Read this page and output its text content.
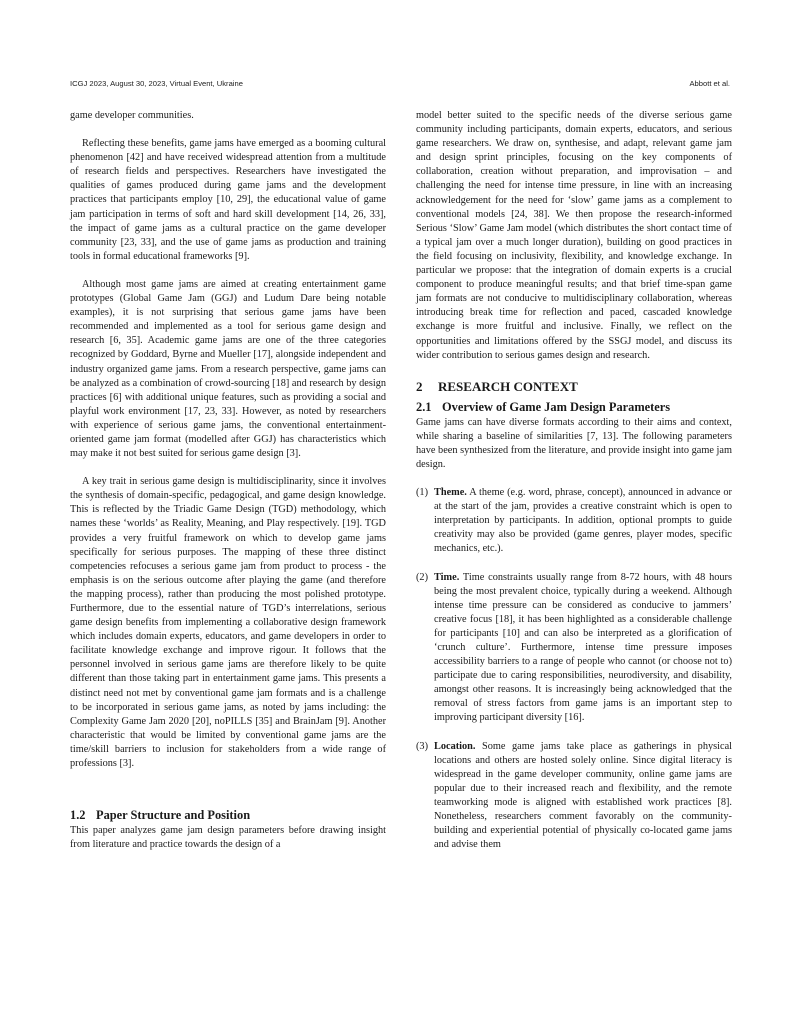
ICGJ 2023, August 30, 2023, Virtual Event, Ukraine	Abbott et al.

game developer communities.

Reflecting these benefits, game jams have emerged as a booming cultural phenomenon [42] and have received widespread attention from a multitude of research fields and perspectives. Researchers have investigated the qualities of games produced during game jams and the development practices that participants employ [10, 29], the educational value of game jam participation in terms of soft and hard skill development [14, 26, 33], the impact of game jams as a cultural practice on the game developer community [23, 33], and the use of game jams as production and training tools in formal educational frameworks [9].

Although most game jams are aimed at creating entertainment game prototypes (Global Game Jam (GGJ) and Ludum Dare being notable examples), it is not surprising that serious game jams have been recommended and implemented as a tool for serious game design and research [6, 35]. Academic game jams are one of the three categories recognized by Goddard, Byrne and Mueller [17], alongside independent and industry organized game jams. From a research perspective, game jams can be analyzed as a combination of crowd-sourcing [18] and research by design practices [6] with additional unique features, such as providing a social and playful work environment [17, 23, 33]. However, as noted by researchers with experience of serious game jams, the conventional entertainment-oriented game jam format (modelled after GGJ) has characteristics which may make it not best suited for serious game design [3].

A key trait in serious game design is multidisciplinarity, since it involves the synthesis of domain-specific, pedagogical, and game design knowledge. This is reflected by the Triadic Game Design (TGD) methodology, which names these ‘worlds’ as Reality, Meaning, and Play respectively. [19]. TGD provides a very fruitful framework on which to develop game jams specifically for serious purposes. The mapping of these three distinct competencies refocuses a serious game jam from product to process - the emphasis is on the serious outcome after playing the game (and therefore the mapping process), rather than producing the most polished prototype. Furthermore, due to the essential nature of TGD’s interrelations, serious game design benefits from implementing a collaborative design framework which includes domain experts, educators, and game developers in order to facilitate knowledge exchange and improve rigour. It follows that the personnel involved in serious game jams are therefore likely to be quite different than those taking part in entertainment game jams. This presents a distinct need not met by conventional game jam formats and is a challenge to be incorporated in serious game jams, as noted by jams including: the Complexity Game Jam 2020 [20], noPILLS [35] and BrainJam [9]. Another characteristic that would be limited by conventional game jams are the time/skill barriers to inclusion for stakeholders from a wide range of professions [3].

1.2 Paper Structure and Position

This paper analyzes game jam design parameters before drawing insight from literature and practice towards the design of a

model better suited to the specific needs of the diverse serious game community including participants, domain experts, educators, and serious game researchers. We draw on, synthesise, and adapt, relevant game jam and design sprint principles, focusing on the key components of collaboration, creation without preparation, and improvisation – and challenging the need for intense time pressure, in line with an increasing acknowledgement for the need for ‘slow’ game jams as a complement to conventional models [24, 38]. We then propose the research-informed Serious ‘Slow’ Game Jam model (which distributes the short contact time of a typical jam over a much longer duration), building on good practices in the field focusing on inclusivity, flexibility, and knowledge exchange. In particular we propose: that the integration of domain experts is a crucial component to produce meaningful results; and that brief time-span game jam formats are not conducive to multidisciplinary collaboration, whereas introducing break time for reflection and paced, cascaded knowledge exchange is more fruitful and inclusive. Finally, we reflect on the opportunities and limitations offered by the SSGJ model, and discuss its wider contribution to serious games design and research.

2 RESEARCH CONTEXT
2.1 Overview of Game Jam Design Parameters

Game jams can have diverse formats according to their aims and context, while sharing a baseline of similarities [7, 13]. The following parameters have been synthesized from the literature, and provide insight into game jam design.

(1) Theme. A theme (e.g. word, phrase, concept), announced in advance or at the start of the jam, provides a creative constraint which is open to interpretation by participants. In addition, optional prompts to guide creativity may also be provided (game genres, player modes, specific mechanics, etc.).
(2) Time. Time constraints usually range from 8-72 hours, with 48 hours being the most prevalent choice, typically during a weekend. Although intense time pressure can be considered as conducive to jammers’ creative focus [18], it has been highlighted as a considerable challenge for participants [10] and can also be interpreted as a glorification of ‘crunch culture’. Furthermore, intense time pressure imposes accessibility barriers to a range of people who cannot (or choose not to) participate due to caring responsibilities, neurodiversity, and disability, amongst other reasons. It is increasingly being acknowledged that the removal of stress factors from game jams is an important step to improving participant diversity [16].
(3) Location. Some game jams take place as gatherings in physical locations and others are hosted solely online. Since digital literacy is widespread in the game developer community, online game jams are popular due to their increased reach and flexibility, and the remote teamworking mode is aligned with established work practices [8]. Nonetheless, researchers comment favorably on the community-building and experiential potential of physically co-located game jams and advise them
